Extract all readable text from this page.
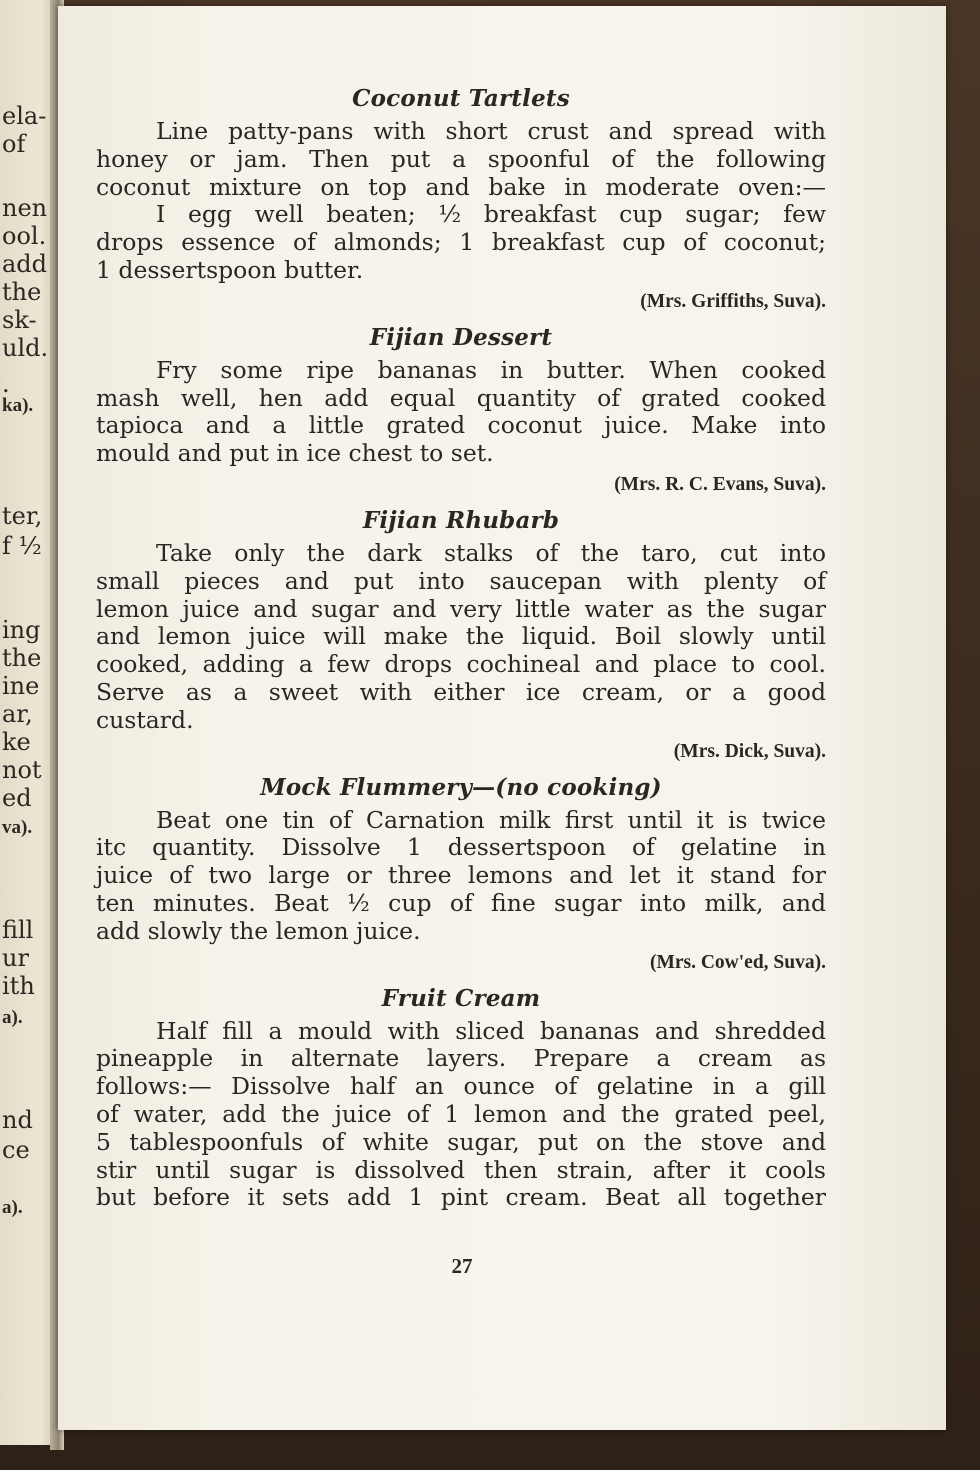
ela-
of
nen
ool.
add
the
sk-
uld.
.
ka).
ter,
f ½
ing
the
ine
ar,
ke
not
ed
va).
fill
ur
ith
a).
nd
ce
a).
Coconut Tartlets
Line patty-pans with short crust and spread with
honey or jam. Then put a spoonful of the following
coconut mixture on top and bake in moderate oven:—
I egg well beaten; ½ breakfast cup sugar; few
drops essence of almonds; 1 breakfast cup of coconut;
1 dessertspoon butter.
(Mrs. Griffiths, Suva).
Fijian Dessert
Fry some ripe bananas in butter. When cooked
mash well, hen add equal quantity of grated cooked
tapioca and a little grated coconut juice. Make into
mould and put in ice chest to set.
(Mrs. R. C. Evans, Suva).
Fijian Rhubarb
Take only the dark stalks of the taro, cut into
small pieces and put into saucepan with plenty of
lemon juice and sugar and very little water as the sugar
and lemon juice will make the liquid. Boil slowly until
cooked, adding a few drops cochineal and place to cool.
Serve as a sweet with either ice cream, or a good
custard.
(Mrs. Dick, Suva).
Mock Flummery—(no cooking)
Beat one tin of Carnation milk first until it is twice
itc quantity. Dissolve 1 dessertspoon of gelatine in
juice of two large or three lemons and let it stand for
ten minutes. Beat ½ cup of fine sugar into milk, and
add slowly the lemon juice.
(Mrs. Cow'ed, Suva).
Fruit Cream
Half fill a mould with sliced bananas and shredded
pineapple in alternate layers. Prepare a cream as
follows:— Dissolve half an ounce of gelatine in a gill
of water, add the juice of 1 lemon and the grated peel,
5 tablespoonfuls of white sugar, put on the stove and
stir until sugar is dissolved then strain, after it cools
but before it sets add 1 pint cream. Beat all together
27
